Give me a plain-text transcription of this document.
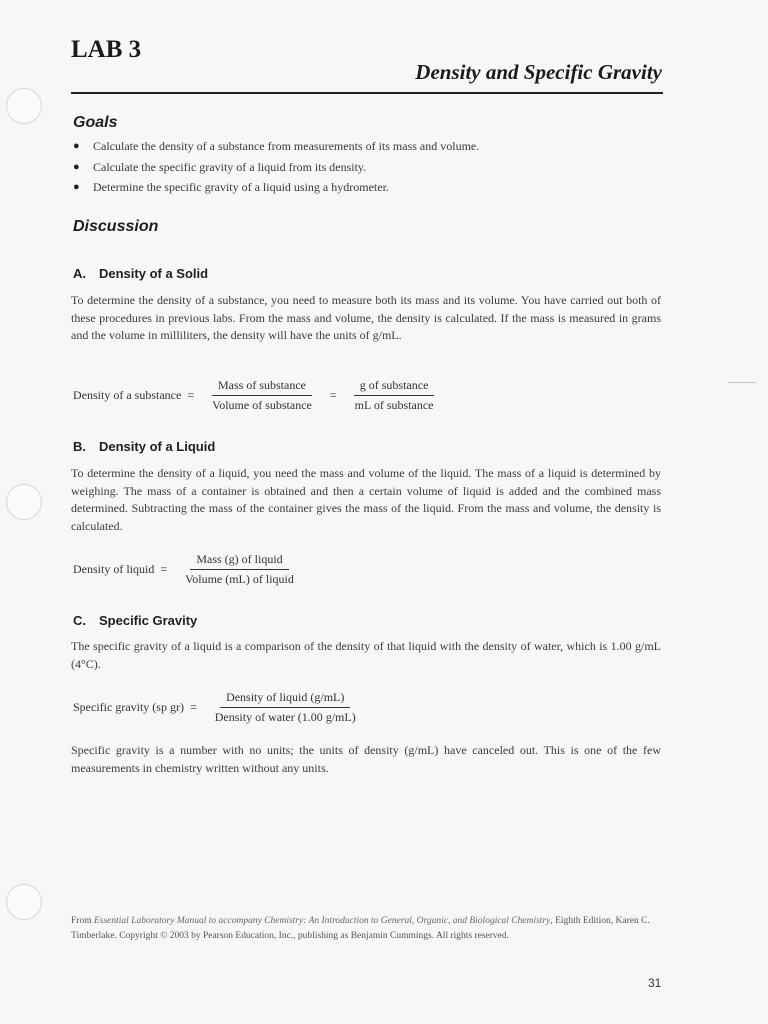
LAB 3
Density and Specific Gravity
Goals
●	Calculate the density of a substance from measurements of its mass and volume.
●	Calculate the specific gravity of a liquid from its density.
●	Determine the specific gravity of a liquid using a hydrometer.
Discussion
A. Density of a Solid

To determine the density of a substance, you need to measure both its mass and its volume. You have carried out both of these procedures in previous labs. From the mass and volume, the density is calculated. If the mass is measured in grams and the volume in milliliters, the density will have the units of g/mL.

Density of a substance = $\frac{\text{Mass of substance}}{\text{Volume of substance}} = \frac{\text{g of substance}}{\text{mL of substance}}$
B. Density of a Liquid

To determine the density of a liquid, you need the mass and volume of the liquid. The mass of a liquid is determined by weighing. The mass of a container is obtained and then a certain volume of liquid is added and the combined mass determined. Subtracting the mass of the container gives the mass of the liquid. From the mass and volume, the density is calculated.

Density of liquid = $\frac{\text{Mass (g) of liquid}}{\text{Volume (mL) of liquid}}$
C. Specific Gravity

The specific gravity of a liquid is a comparison of the density of that liquid with the density of water, which is 1.00 g/mL (4°C).

Specific gravity (sp $gr) = \frac{\text{Density of liquid (g/mL)}}{\text{Density of water (1.00 g/mL)}}$

Specific gravity is a number with no units; the units of density (g/mL) have canceled out. This is one of the few measurements in chemistry written without any units.

From Essential Laboratory Manual to accompany Chemistry: An Introduction to General, Organic, and Biological Chemistry, Eighth Edition, Karen C. Timberlake. Copyright © 2003 by Pearson Education, Inc., publishing as Benjamin Cummings. All rights reserved.
31
